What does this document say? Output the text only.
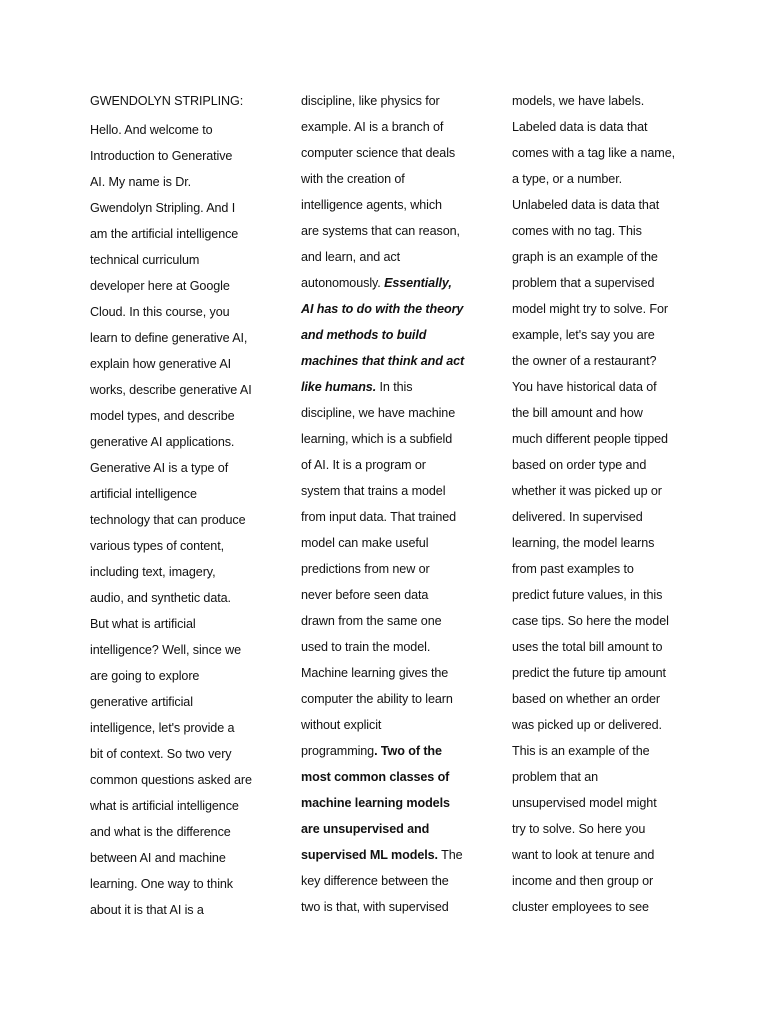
GWENDOLYN STRIPLING:
Hello. And welcome to
Introduction to Generative
AI. My name is Dr.
Gwendolyn Stripling. And I
am the artificial intelligence
technical curriculum
developer here at Google
Cloud. In this course, you
learn to define generative AI,
explain how generative AI
works, describe generative AI
model types, and describe
generative AI applications.
Generative AI is a type of
artificial intelligence
technology that can produce
various types of content,
including text, imagery,
audio, and synthetic data.
But what is artificial
intelligence? Well, since we
are going to explore
generative artificial
intelligence, let's provide a
bit of context. So two very
common questions asked are
what is artificial intelligence
and what is the difference
between AI and machine
learning. One way to think
about it is that AI is a
discipline, like physics for
example. AI is a branch of
computer science that deals
with the creation of
intelligence agents, which
are systems that can reason,
and learn, and act
autonomously. Essentially,
AI has to do with the theory
and methods to build
machines that think and act
like humans. In this
discipline, we have machine
learning, which is a subfield
of AI. It is a program or
system that trains a model
from input data. That trained
model can make useful
predictions from new or
never before seen data
drawn from the same one
used to train the model.
Machine learning gives the
computer the ability to learn
without explicit
programming. Two of the
most common classes of
machine learning models
are unsupervised and
supervised ML models. The
key difference between the
two is that, with supervised
models, we have labels.
Labeled data is data that
comes with a tag like a name,
a type, or a number.
Unlabeled data is data that
comes with no tag. This
graph is an example of the
problem that a supervised
model might try to solve. For
example, let's say you are
the owner of a restaurant?
You have historical data of
the bill amount and how
much different people tipped
based on order type and
whether it was picked up or
delivered. In supervised
learning, the model learns
from past examples to
predict future values, in this
case tips. So here the model
uses the total bill amount to
predict the future tip amount
based on whether an order
was picked up or delivered.
This is an example of the
problem that an
unsupervised model might
try to solve. So here you
want to look at tenure and
income and then group or
cluster employees to see
